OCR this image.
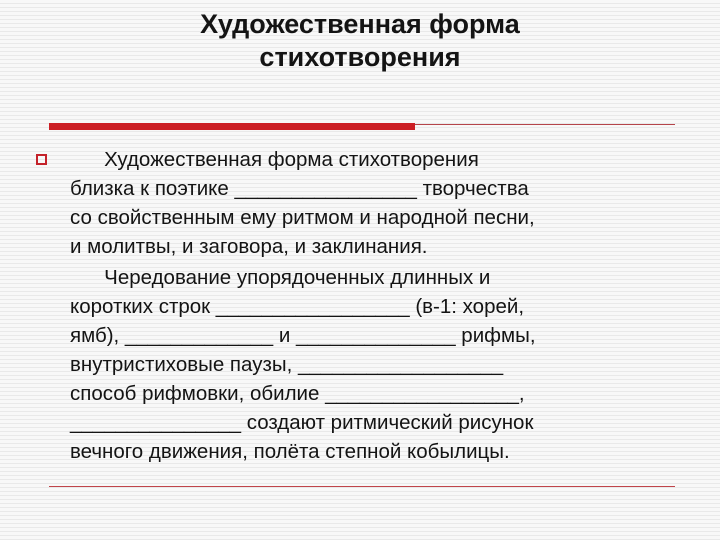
Художественная форма
стихотворения

Художественная форма стихотворения
близка к поэтике ________________ творчества
со свойственным ему ритмом и народной песни,
и молитвы, и заговора, и заклинания.

Чередование упорядоченных длинных и
коротких строк _________________ (в-1: хорей,
ямб), _____________ и ______________ рифмы,
внутристиховые паузы, __________________
способ рифмовки, обилие _________________,
_______________ создают ритмический рисунок
вечного движения, полёта степной кобылицы.
